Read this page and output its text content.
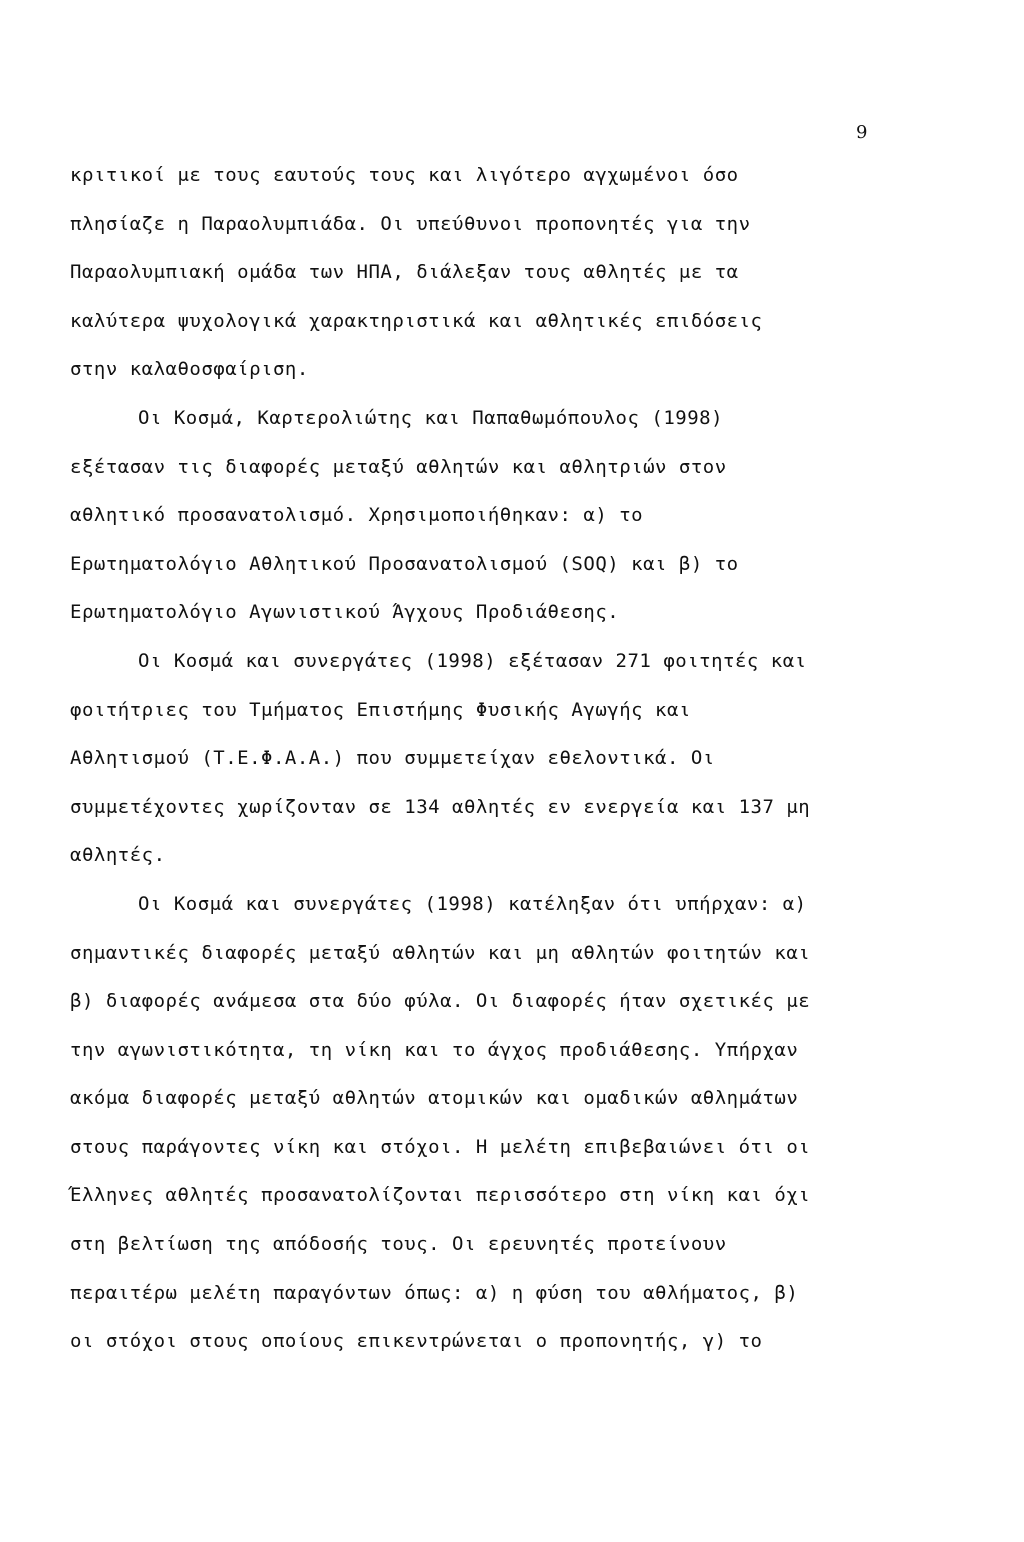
9
κριτικοί με τους εαυτούς τους και λιγότερο αγχωμένοι όσο
πλησίαζε η Παραολυμπιάδα. Οι υπεύθυνοι προπονητές για την
Παραολυμπιακή ομάδα των ΗΠΑ, διάλεξαν τους αθλητές με τα
καλύτερα ψυχολογικά χαρακτηριστικά και αθλητικές επιδόσεις
στην καλαθοσφαίριση.
Οι Κοσμά, Καρτερολιώτης και Παπαθωμόπουλος (1998)
εξέτασαν τις διαφορές μεταξύ αθλητών και αθλητριών στον
αθλητικό προσανατολισμό. Χρησιμοποιήθηκαν: α) το
Ερωτηματολόγιο Αθλητικού Προσανατολισμού (SOQ) και β) το
Ερωτηματολόγιο Αγωνιστικού Άγχους Προδιάθεσης.
Οι Κοσμά και συνεργάτες (1998) εξέτασαν 271 φοιτητές και
φοιτήτριες του Τμήματος Επιστήμης Φυσικής Αγωγής και
Αθλητισμού (Τ.Ε.Φ.Α.Α.) που συμμετείχαν εθελοντικά. Οι
συμμετέχοντες χωρίζονταν σε 134 αθλητές εν ενεργεία και 137 μη
αθλητές.
Οι Κοσμά και συνεργάτες (1998) κατέληξαν ότι υπήρχαν: α)
σημαντικές διαφορές μεταξύ αθλητών και μη αθλητών φοιτητών και
β) διαφορές ανάμεσα στα δύο φύλα. Οι διαφορές ήταν σχετικές με
την αγωνιστικότητα, τη νίκη και το άγχος προδιάθεσης. Υπήρχαν
ακόμα διαφορές μεταξύ αθλητών ατομικών και ομαδικών αθλημάτων
στους παράγοντες νίκη και στόχοι. Η μελέτη επιβεβαιώνει ότι οι
Έλληνες αθλητές προσανατολίζονται περισσότερο στη νίκη και όχι
στη βελτίωση της απόδοσής τους. Οι ερευνητές προτείνουν
περαιτέρω μελέτη παραγόντων όπως: α) η φύση του αθλήματος, β)
οι στόχοι στους οποίους επικεντρώνεται ο προπονητής, γ) το
